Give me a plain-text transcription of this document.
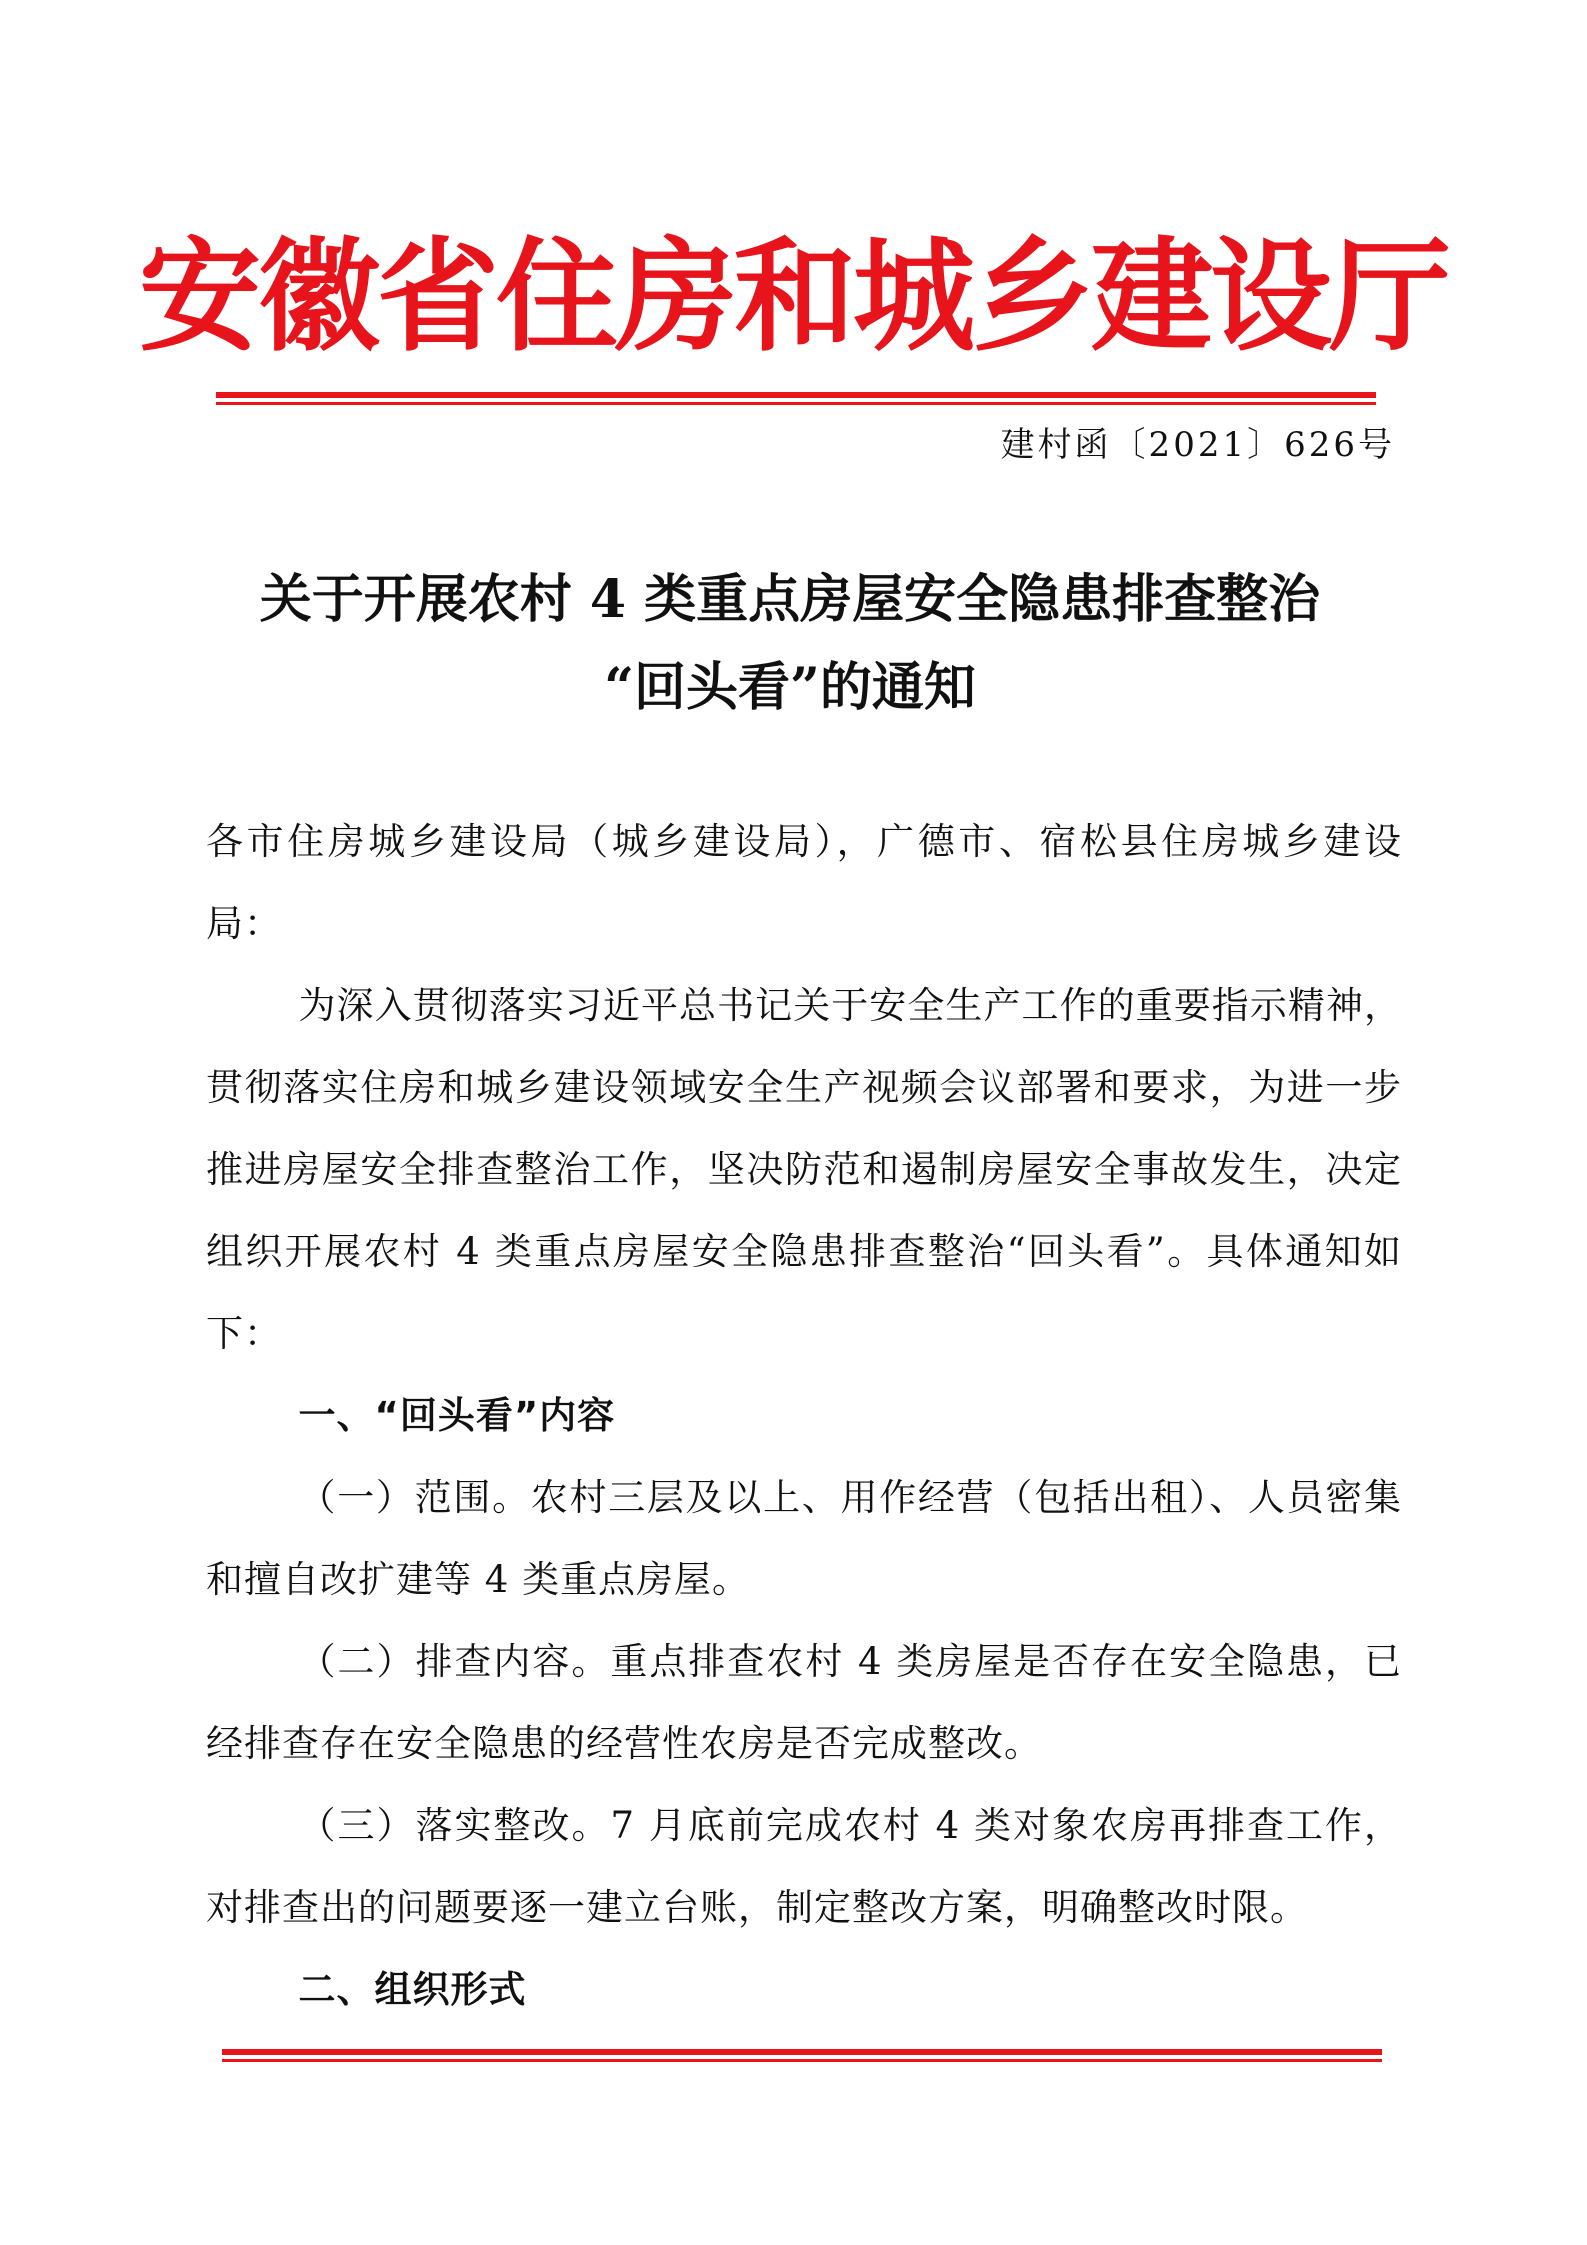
安徽省住房和城乡建设厅
建村函〔2021〕626号
关于开展农村 4 类重点房屋安全隐患排查整治
“回头看”的通知

各市住房城乡建设局（城乡建设局），广德市、宿松县住房城乡建设局：

为深入贯彻落实习近平总书记关于安全生产工作的重要指示精神，贯彻落实住房和城乡建设领域安全生产视频会议部署和要求，为进一步推进房屋安全排查整治工作，坚决防范和遏制房屋安全事故发生，决定组织开展农村 4 类重点房屋安全隐患排查整治“回头看”。具体通知如下：

一、“回头看”内容

（一）范围。农村三层及以上、用作经营（包括出租）、人员密集和擅自改扩建等 4 类重点房屋。

（二）排查内容。重点排查农村 4 类房屋是否存在安全隐患，已经排查存在安全隐患的经营性农房是否完成整改。

（三）落实整改。7 月底前完成农村 4 类对象农房再排查工作，对排查出的问题要逐一建立台账，制定整改方案，明确整改时限。

二、组织形式
